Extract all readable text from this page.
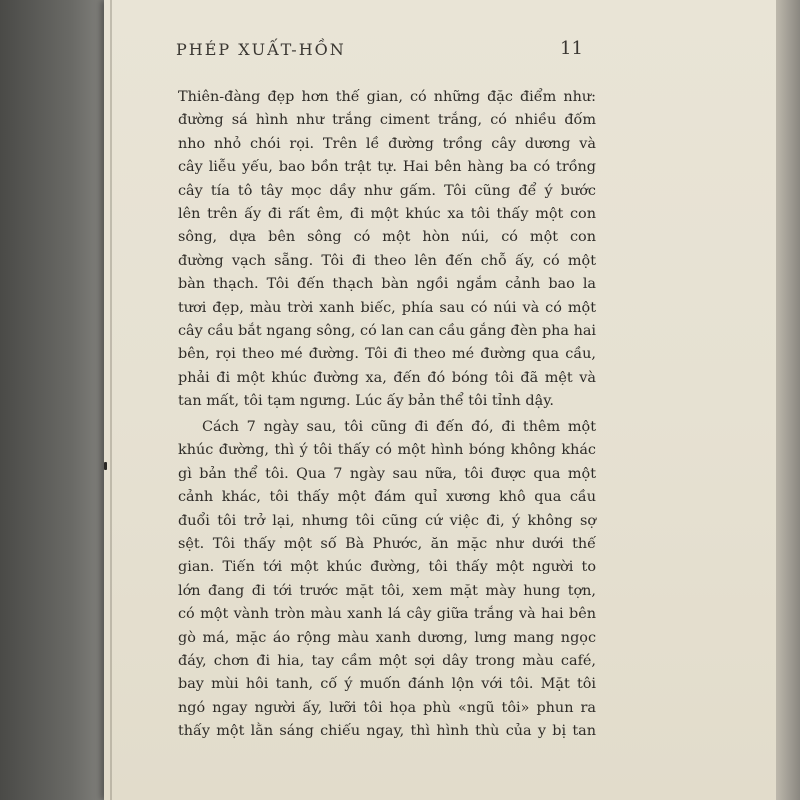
PHÉP XUẤT-HỒN	11
Thiên-đàng đẹp hơn thế gian, có những đặc điểm như:
đường sá hình như trắng ciment trắng, có nhiều đốm
nho nhỏ chói rọi. Trên lề đường trồng cây dương và
cây liễu yếu, bao bồn trật tự. Hai bên hàng ba có trồng
cây tía tô tây mọc dầy như gấm. Tôi cũng để ý bước
lên trên ấy đi rất êm, đi một khúc xa tôi thấy một con
sông, dựa bên sông có một hòn núi, có một con
đường vạch sẵng. Tôi đi theo lên đến chỗ ấy, có một
bàn thạch. Tôi đến thạch bàn ngồi ngắm cảnh bao la
tươi đẹp, màu trời xanh biếc, phía sau có núi và có một
cây cầu bắt ngang sông, có lan can cầu gắng đèn pha hai
bên, rọi theo mé đường. Tôi đi theo mé đường qua cầu,
phải đi một khúc đường xa, đến đó bóng tôi đã mệt và
tan mất, tôi tạm ngưng. Lúc ấy bản thể tôi tỉnh dậy.
Cách 7 ngày sau, tôi cũng đi đến đó, đi thêm một
khúc đường, thì ý tôi thấy có một hình bóng không khác
gì bản thể tôi. Qua 7 ngày sau nữa, tôi được qua một
cảnh khác, tôi thấy một đám quỉ xương khô qua cầu
đuổi tôi trở lại, nhưng tôi cũng cứ việc đi, ý không sợ
sệt. Tôi thấy một số Bà Phước, ăn mặc như dưới thế
gian. Tiến tới một khúc đường, tôi thấy một người to
lớn đang đi tới trước mặt tôi, xem mặt mày hung tợn,
có một vành tròn màu xanh lá cây giữa trắng và hai bên
gò má, mặc áo rộng màu xanh dương, lưng mang ngọc
đáy, chơn đi hia, tay cầm một sợi dây trong màu café,
bay mùi hôi tanh, cố ý muốn đánh lộn với tôi. Mặt tôi
ngó ngay người ấy, lưỡi tôi họa phù «ngũ tôi» phun ra
thấy một lằn sáng chiếu ngay, thì hình thù của y bị tan
